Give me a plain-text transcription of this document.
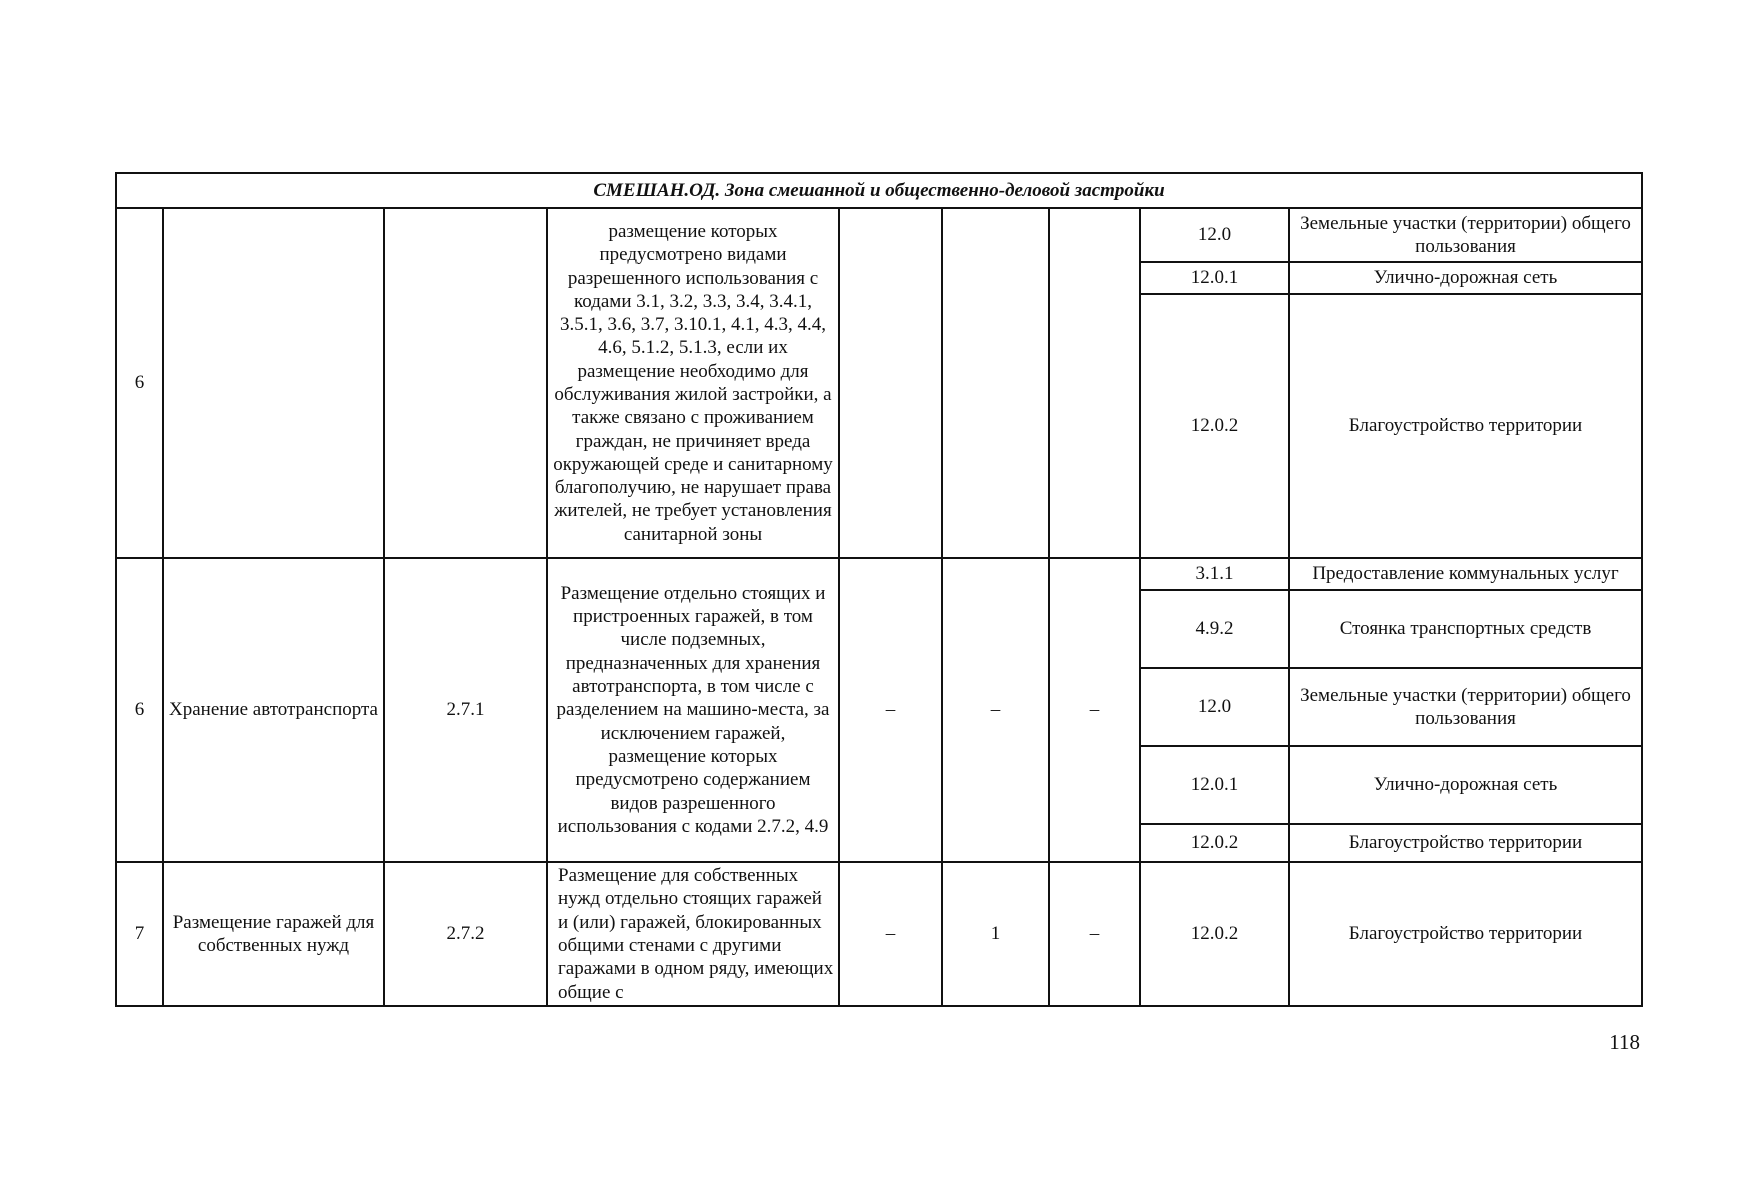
СМЕШАН.ОД. Зона смешанной и общественно-деловой застройки								
6			размещение которых предусмотрено видами разрешенного использования с кодами 3.1, 3.2, 3.3, 3.4, 3.4.1, 3.5.1, 3.6, 3.7, 3.10.1, 4.1, 4.3, 4.4, 4.6, 5.1.2, 5.1.3, если их размещение необходимо для обслуживания жилой застройки, а также связано с проживанием граждан, не причиняет вреда окружающей среде и санитарному благополучию, не нарушает права жителей, не требует установления санитарной зоны				12.0	Земельные участки (территории) общего пользования
							12.0.1	Улично-дорожная сеть
							12.0.2	Благоустройство территории
6	Хранение автотранспорта	2.7.1	Размещение отдельно стоящих и пристроенных гаражей, в том числе подземных, предназначенных для хранения автотранспорта, в том числе с разделением на машино-места, за исключением гаражей, размещение которых предусмотрено содержанием видов разрешенного использования с кодами 2.7.2, 4.9	–	–	–	3.1.1	Предоставление коммунальных услуг
							4.9.2	Стоянка транспортных средств
							12.0	Земельные участки (территории) общего пользования
							12.0.1	Улично-дорожная сеть
							12.0.2	Благоустройство территории
7	Размещение гаражей для собственных нужд	2.7.2	Размещение для собственных нужд отдельно стоящих гаражей и (или) гаражей, блокированных общими стенами с другими гаражами в одном ряду, имеющих общие с	–	1	–	12.0.2	Благоустройство территории
118
